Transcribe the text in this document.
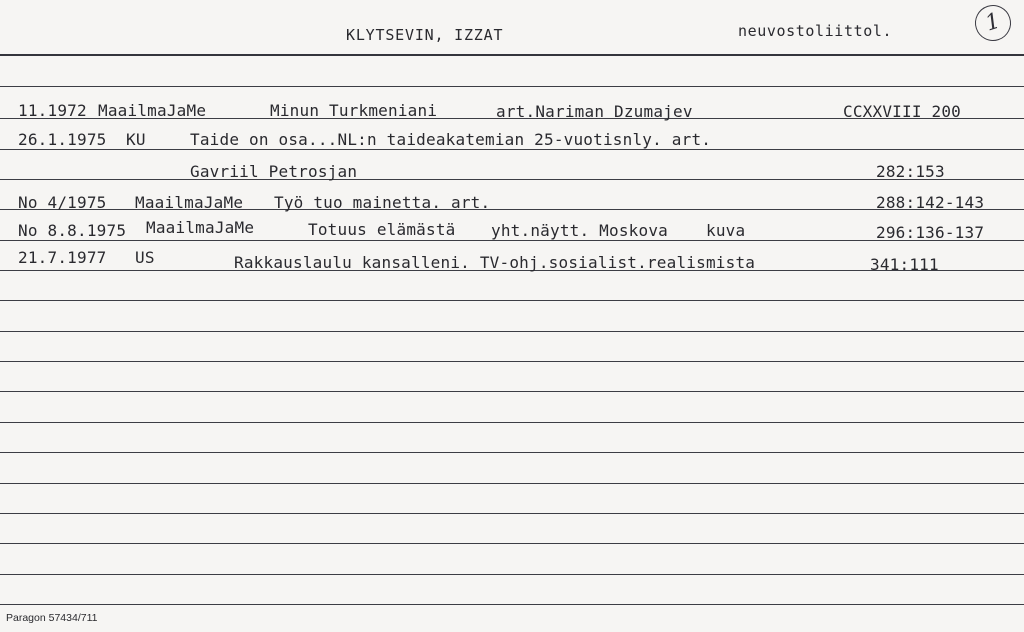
KLYTSEVIN, IZZAT	neuvostoliittol.	1
11.1972 MaailmaJaMe	Minun Turkmeniani	art.Nariman Dzumajev	CCXXVIII 200
26.1.1975 KU	Taide on osa...NL:n taideakatemian 25-vuotisnly. art.
Gavriil Petrosjan	282:153
No 4/1975 MaailmaJaMe Työ tuo mainetta. art.	288:142-143
No 8.8.1975 MaailmaJaMe	Totuus elämästä yht.näytt. Moskova kuva	296:136-137
21.7.1977 US	Rakkauslaulu kansalleni. TV-ohj.sosialist.realismista	341:111
Paragon 57434/711
